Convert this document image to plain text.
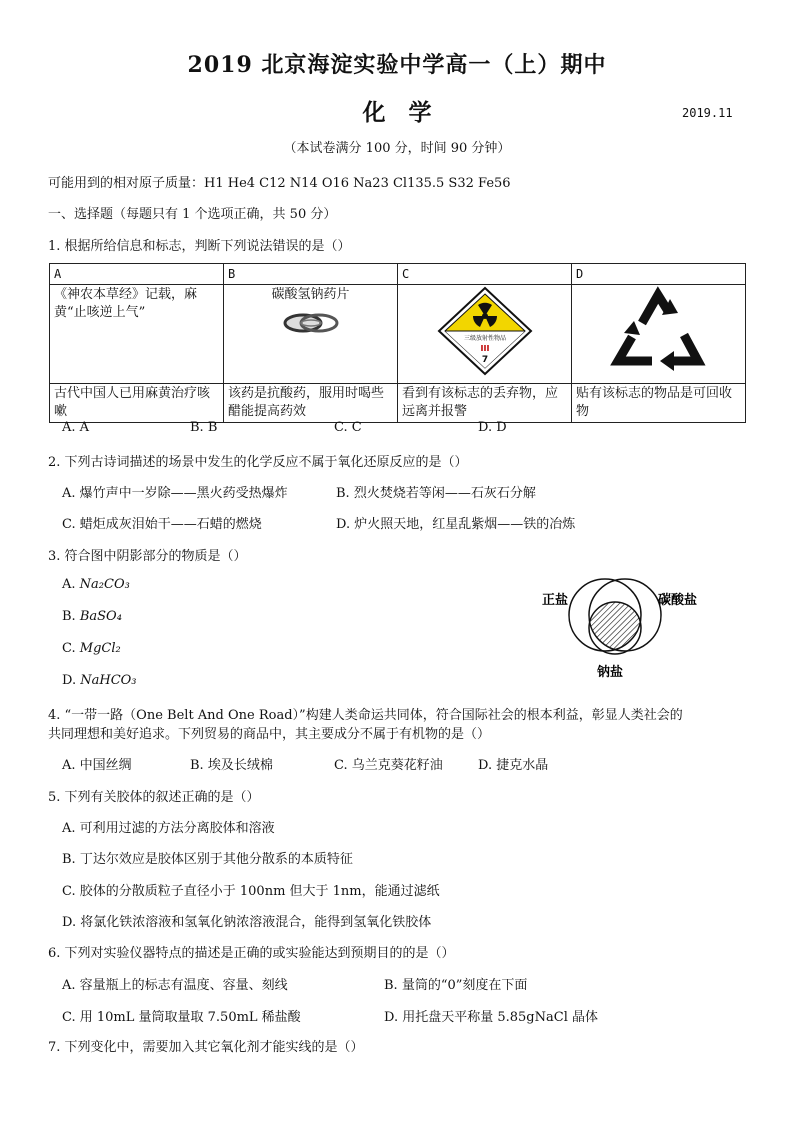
2019 北京海淀实验中学高一（上）期中
化　学	2019.11
（本试卷满分 100 分，时间 90 分钟）
可能用到的相对原子质量：H1 He4 C12 N14 O16 Na23 Cl135.5 S32 Fe56
一、选择题（每题只有 1 个选项正确，共 50 分）
1. 根据所给信息和标志，判断下列说法错误的是（）
A	B	C	D
《神农本草经》记载，麻黄“止咳逆上气”	碳酸氢钠药片	三级放射性物品
III
7

古代中国人已用麻黄治疗咳嗽	该药是抗酸药，服用时喝些醋能提高药效	看到有该标志的丢弃物，应远离并报警	贴有该标志的物品是可回收物
A. A	B. B	C. C	D. D
2. 下列古诗词描述的场景中发生的化学反应不属于氧化还原反应的是（）
A. 爆竹声中一岁除——黑火药受热爆炸	B. 烈火焚烧若等闲——石灰石分解
C. 蜡炬成灰泪始干——石蜡的燃烧	D. 炉火照天地，红星乱紫烟——铁的冶炼
3. 符合图中阴影部分的物质是（）
A. Na₂CO₃
B. BaSO₄
C. MgCl₂
D. NaHCO₃
正盐	碳酸盐
钠盐
4. “一带一路（One Belt And One Road）”构建人类命运共同体，符合国际社会的根本利益，彰显人类社会的
共同理想和美好追求。下列贸易的商品中，其主要成分不属于有机物的是（）
A. 中国丝绸	B. 埃及长绒棉	C. 乌兰克葵花籽油	D. 捷克水晶
5. 下列有关胶体的叙述正确的是（）
A. 可利用过滤的方法分离胶体和溶液
B. 丁达尔效应是胶体区别于其他分散系的本质特征
C. 胶体的分散质粒子直径小于 100nm 但大于 1nm，能通过滤纸
D. 将氯化铁浓溶液和氢氧化钠浓溶液混合，能得到氢氧化铁胶体
6. 下列对实验仪器特点的描述是正确的或实验能达到预期目的的是（）
A. 容量瓶上的标志有温度、容量、刻线	B. 量筒的“0”刻度在下面
C. 用 10mL 量筒取量取 7.50mL 稀盐酸	D. 用托盘天平称量 5.85gNaCl 晶体
7. 下列变化中，需要加入其它氧化剂才能实线的是（）
